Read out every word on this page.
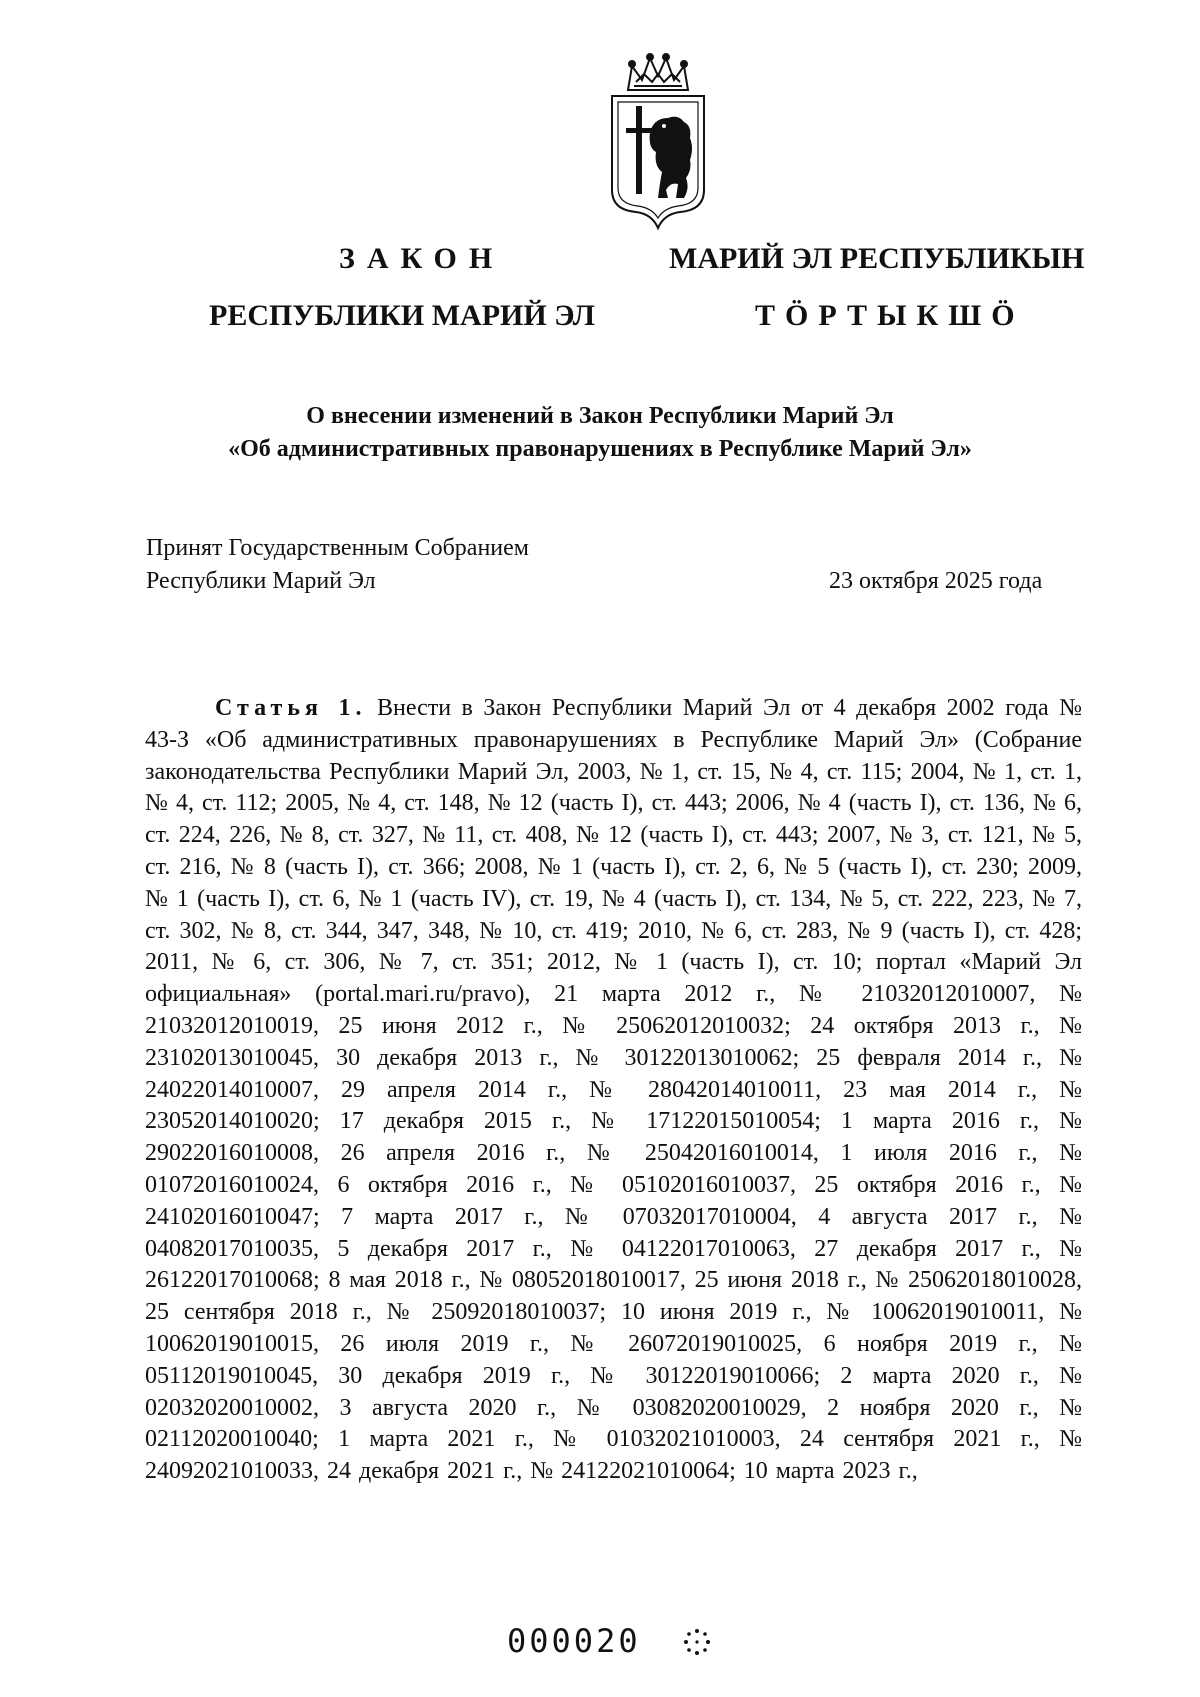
ЗАКОН
РЕСПУБЛИКИ МАРИЙ ЭЛ
МАРИЙ ЭЛ РЕСПУБЛИКЫН
ТӦРТЫКШӦ
О внесении изменений в Закон Республики Марий Эл
«Об административных правонарушениях в Республике Марий Эл»
Принят Государственным Собранием
Республики Марий Эл	23 октября 2025 года

Статья 1. Внести в Закон Республики Марий Эл от 4 декабря 2002 года № 43-З «Об административных правонарушениях в Республике Марий Эл» (Собрание законодательства Республики Марий Эл, 2003, № 1, ст. 15, № 4, ст. 115; 2004, № 1, ст. 1, № 4, ст. 112; 2005, № 4, ст. 148, № 12 (часть I), ст. 443; 2006, № 4 (часть I), ст. 136, № 6, ст. 224, 226, № 8, ст. 327, № 11, ст. 408, № 12 (часть I), ст. 443; 2007, № 3, ст. 121, № 5, ст. 216, № 8 (часть I), ст. 366; 2008, № 1 (часть I), ст. 2, 6, № 5 (часть I), ст. 230; 2009, № 1 (часть I), ст. 6, № 1 (часть IV), ст. 19, № 4 (часть I), ст. 134, № 5, ст. 222, 223, № 7, ст. 302, № 8, ст. 344, 347, 348, № 10, ст. 419; 2010, № 6, ст. 283, № 9 (часть I), ст. 428; 2011, № 6, ст. 306, № 7, ст. 351; 2012, № 1 (часть I), ст. 10; портал «Марий Эл официальная» (portal.mari.ru/pravo), 21 марта 2012 г., № 21032012010007, № 21032012010019, 25 июня 2012 г., № 25062012010032; 24 октября 2013 г., № 23102013010045, 30 декабря 2013 г., № 30122013010062; 25 февраля 2014 г., № 24022014010007, 29 апреля 2014 г., № 28042014010011, 23 мая 2014 г., № 23052014010020; 17 декабря 2015 г., № 17122015010054; 1 марта 2016 г., № 29022016010008, 26 апреля 2016 г., № 25042016010014, 1 июля 2016 г., № 01072016010024, 6 октября 2016 г., № 05102016010037, 25 октября 2016 г., № 24102016010047; 7 марта 2017 г., № 07032017010004, 4 августа 2017 г., № 04082017010035, 5 декабря 2017 г., № 04122017010063, 27 декабря 2017 г., № 26122017010068; 8 мая 2018 г., № 08052018010017, 25 июня 2018 г., № 25062018010028, 25 сентября 2018 г., № 25092018010037; 10 июня 2019 г., № 10062019010011, № 10062019010015, 26 июля 2019 г., № 26072019010025, 6 ноября 2019 г., № 05112019010045, 30 декабря 2019 г., № 30122019010066; 2 марта 2020 г., № 02032020010002, 3 августа 2020 г., № 03082020010029, 2 ноября 2020 г., № 02112020010040; 1 марта 2021 г., № 01032021010003, 24 сентября 2021 г., № 24092021010033, 24 декабря 2021 г., № 24122021010064; 10 марта 2023 г.,

000020
